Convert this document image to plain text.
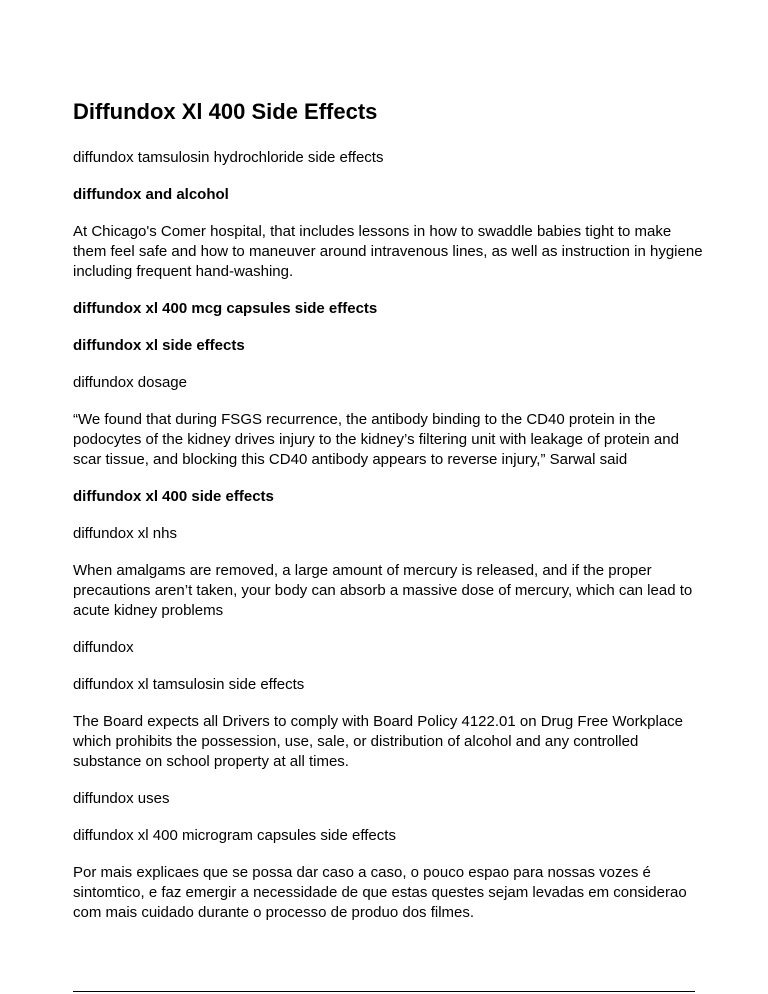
Diffundox Xl 400 Side Effects

diffundox tamsulosin hydrochloride side effects

diffundox and alcohol

At Chicago's Comer hospital, that includes lessons in how to swaddle babies tight to make them feel safe and how to maneuver around intravenous lines, as well as instruction in hygiene including frequent hand-washing.

diffundox xl 400 mcg capsules side effects

diffundox xl side effects

diffundox dosage

“We found that during FSGS recurrence, the antibody binding to the CD40 protein in the podocytes of the kidney drives injury to the kidney’s filtering unit with leakage of protein and scar tissue, and blocking this CD40 antibody appears to reverse injury,” Sarwal said

diffundox xl 400 side effects

diffundox xl nhs

When amalgams are removed, a large amount of mercury is released, and if the proper precautions aren’t taken, your body can absorb a massive dose of mercury, which can lead to acute kidney problems

diffundox

diffundox xl tamsulosin side effects

The Board expects all Drivers to comply with Board Policy 4122.01 on Drug Free Workplace which prohibits the possession, use, sale, or distribution of alcohol and any controlled substance on school property at all times.

diffundox uses

diffundox xl 400 microgram capsules side effects

Por mais explicaes que se possa dar caso a caso, o pouco espao para nossas vozes é sintomtico, e faz emergir a necessidade de que estas questes sejam levadas em considerao com mais cuidado durante o processo de produo dos filmes.
